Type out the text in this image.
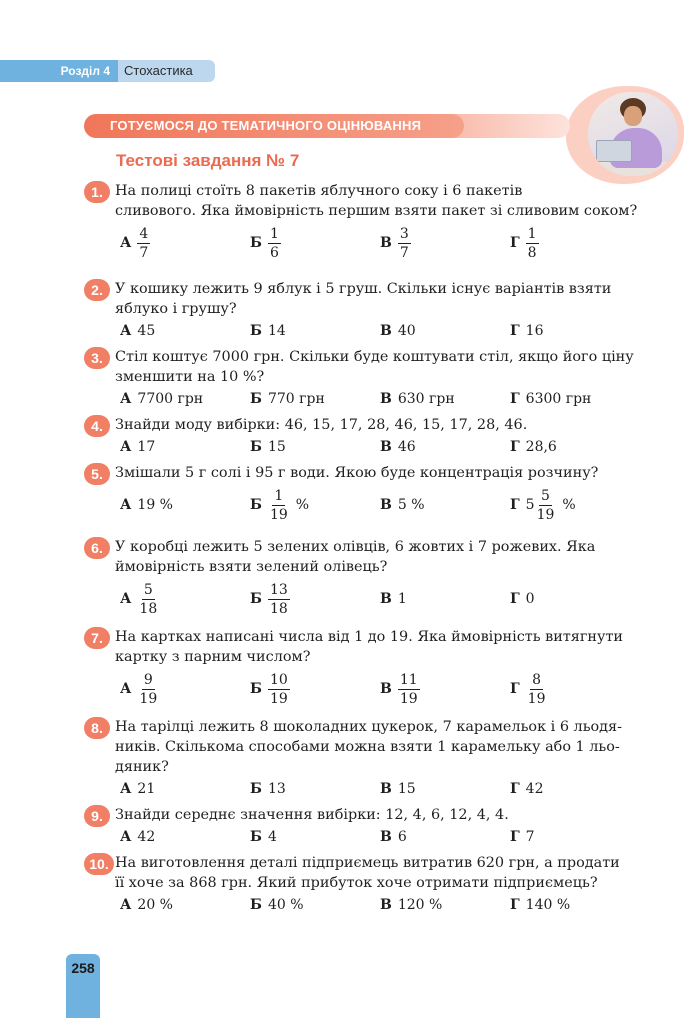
Розділ 4	Стохастика
ГОТУЄМОСЯ ДО ТЕМАТИЧНОГО ОЦІНЮВАННЯ
Тестові завдання № 7
1. На полиці стоїть 8 пакетів яблучного соку і 6 пакетів
сливового. Яка ймовірність першим взяти пакет зі сливовим соком?
А $\frac{4}{7}$	Б $\frac{1}{6}$	В $\frac{3}{7}$	Г $\frac{1}{8}$
2. У кошику лежить 9 яблук і 5 груш. Скільки існує варіантів взяти
яблуко і грушу?
А 45	Б 14	В 40	Г 16
3. Стіл коштує 7000 грн. Скільки буде коштувати стіл, якщо його ціну
зменшити на 10 %?
А 7700 грн	Б 770 грн	В 630 грн	Г 6300 грн
4. Знайди моду вибірки: 46, 15, 17, 28, 46, 15, 17, 28, 46.
А 17	Б 15	В 46	Г 28,6
5. Змішали 5 г солі і 95 г води. Якою буде концентрація розчину?
А 19 %	Б $\frac{1}{19}$ %	В 5 %	Г $5 \frac{5}{19}$ %
6. У коробці лежить 5 зелених олівців, 6 жовтих і 7 рожевих. Яка
ймовірність взяти зелений олівець?
А $\frac{5}{18}$	Б $\frac{13}{18}$	В 1	Г 0
7. На картках написані числа від 1 до 19. Яка ймовірність витягнути
картку з парним числом?
А $\frac{9}{19}$	Б $\frac{10}{19}$	В $\frac{11}{19}$	Г $\frac{8}{19}$
8. На тарілці лежить 8 шоколадних цукерок, 7 карамельок і 6 льодя-
ників. Скількома способами можна взяти 1 карамельку або 1 льо-
дяник?
А 21	Б 13	В 15	Г 42
9. Знайди середнє значення вибірки: 12, 4, 6, 12, 4, 4.
А 42	Б 4	В 6	Г 7
10. На виготовлення деталі підприємець витратив 620 грн, а продати
її хоче за 868 грн. Який прибуток хоче отримати підприємець?
А 20 %	Б 40 %	В 120 %	Г 140 %
258
